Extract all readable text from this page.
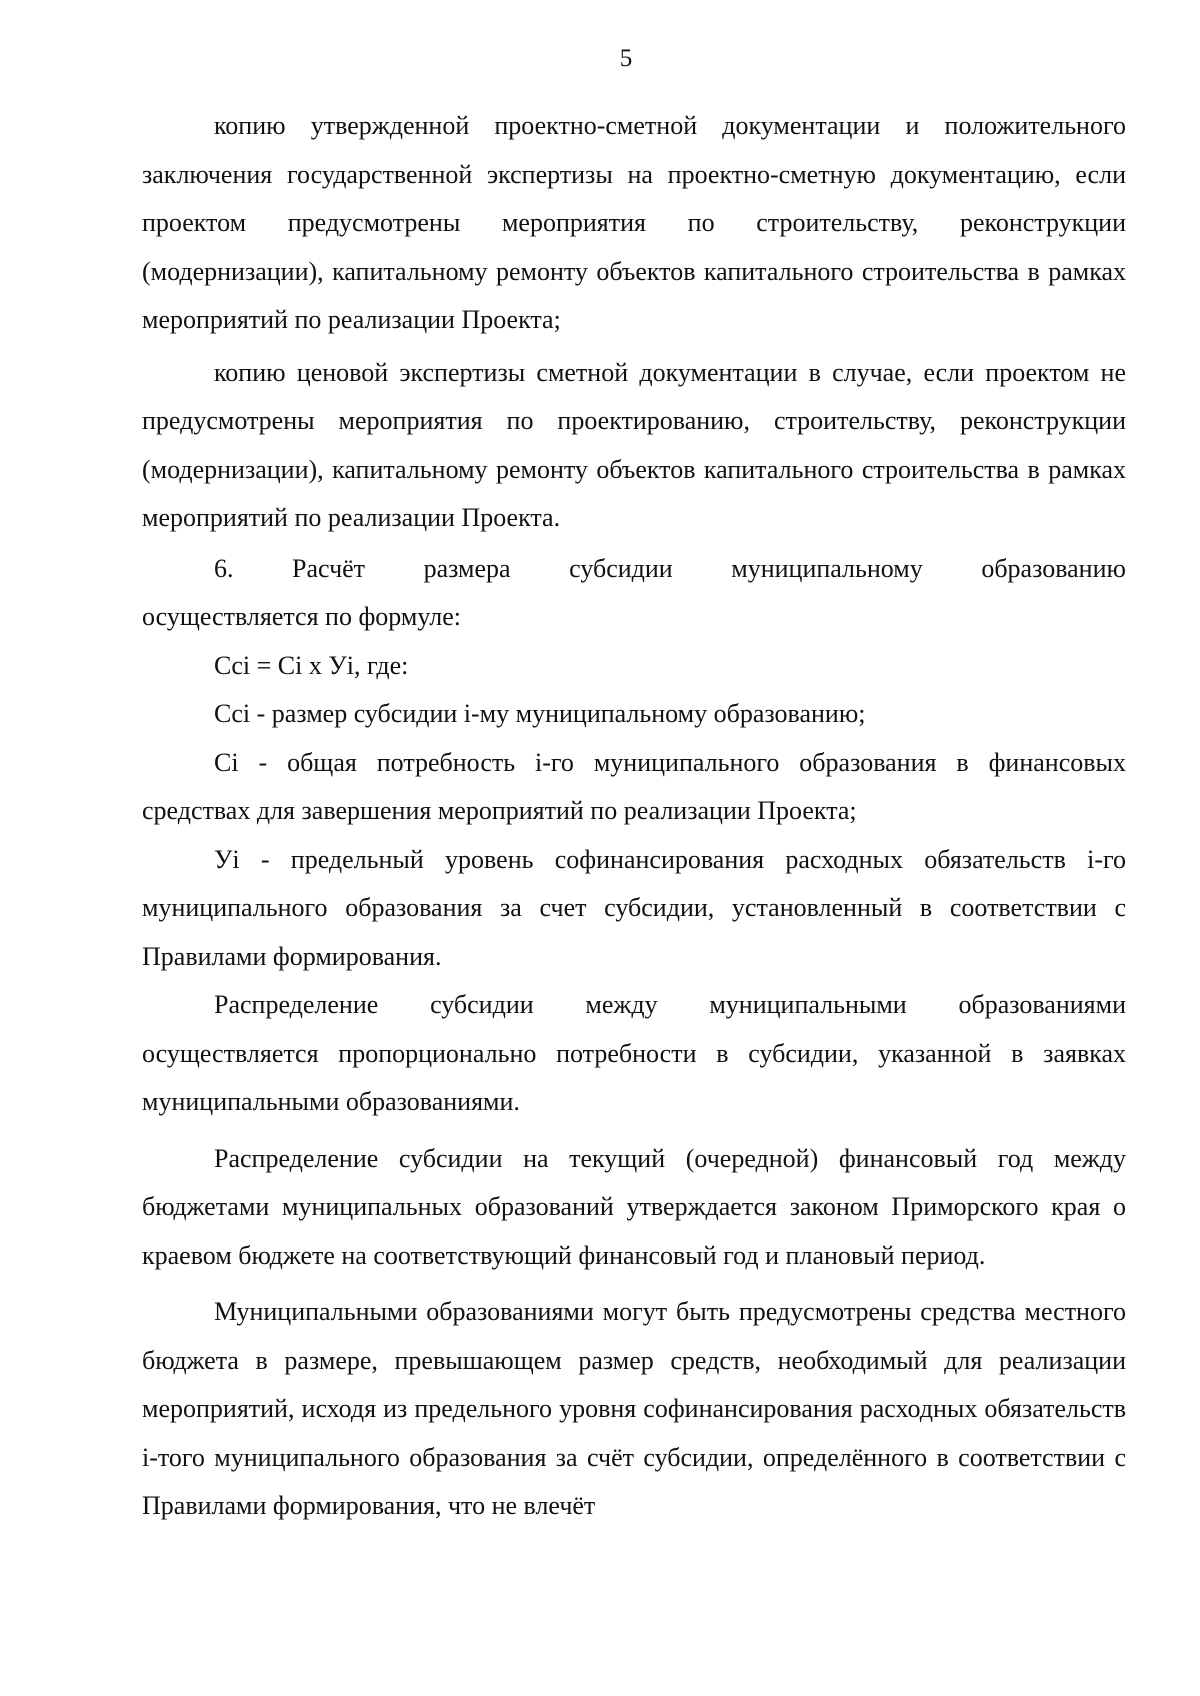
5

копию утвержденной проектно-сметной документации и положительного заключения государственной экспертизы на проектно-сметную документацию, если проектом предусмотрены мероприятия по строительству, реконструкции (модернизации), капитальному ремонту объектов капитального строительства в рамках мероприятий по реализации Проекта;

копию ценовой экспертизы сметной документации в случае, если проектом не предусмотрены мероприятия по проектированию, строительству, реконструкции (модернизации), капитальному ремонту объектов капитального строительства в рамках мероприятий по реализации Проекта.

6. Расчёт размера субсидии муниципальному образованию

осуществляется по формуле:

Сci = Сi х Уi, где:

Сci - размер субсидии i-му муниципальному образованию;

Сi - общая потребность i-го муниципального образования в финансовых средствах для завершения мероприятий по реализации Проекта;

Уi - предельный уровень софинансирования расходных обязательств i-го муниципального образования за счет субсидии, установленный в соответствии с Правилами формирования.

Распределение субсидии между муниципальными образованиями

осуществляется пропорционально потребности в субсидии, указанной в заявках муниципальными образованиями.

Распределение субсидии на текущий (очередной) финансовый год между бюджетами муниципальных образований утверждается законом Приморского края о краевом бюджете на соответствующий финансовый год и плановый период.

Муниципальными образованиями могут быть предусмотрены средства местного бюджета в размере, превышающем размер средств, необходимый для реализации мероприятий, исходя из предельного уровня софинансирования расходных обязательств i-того муниципального образования за счёт субсидии, определённого в соответствии с Правилами формирования, что не влечёт
